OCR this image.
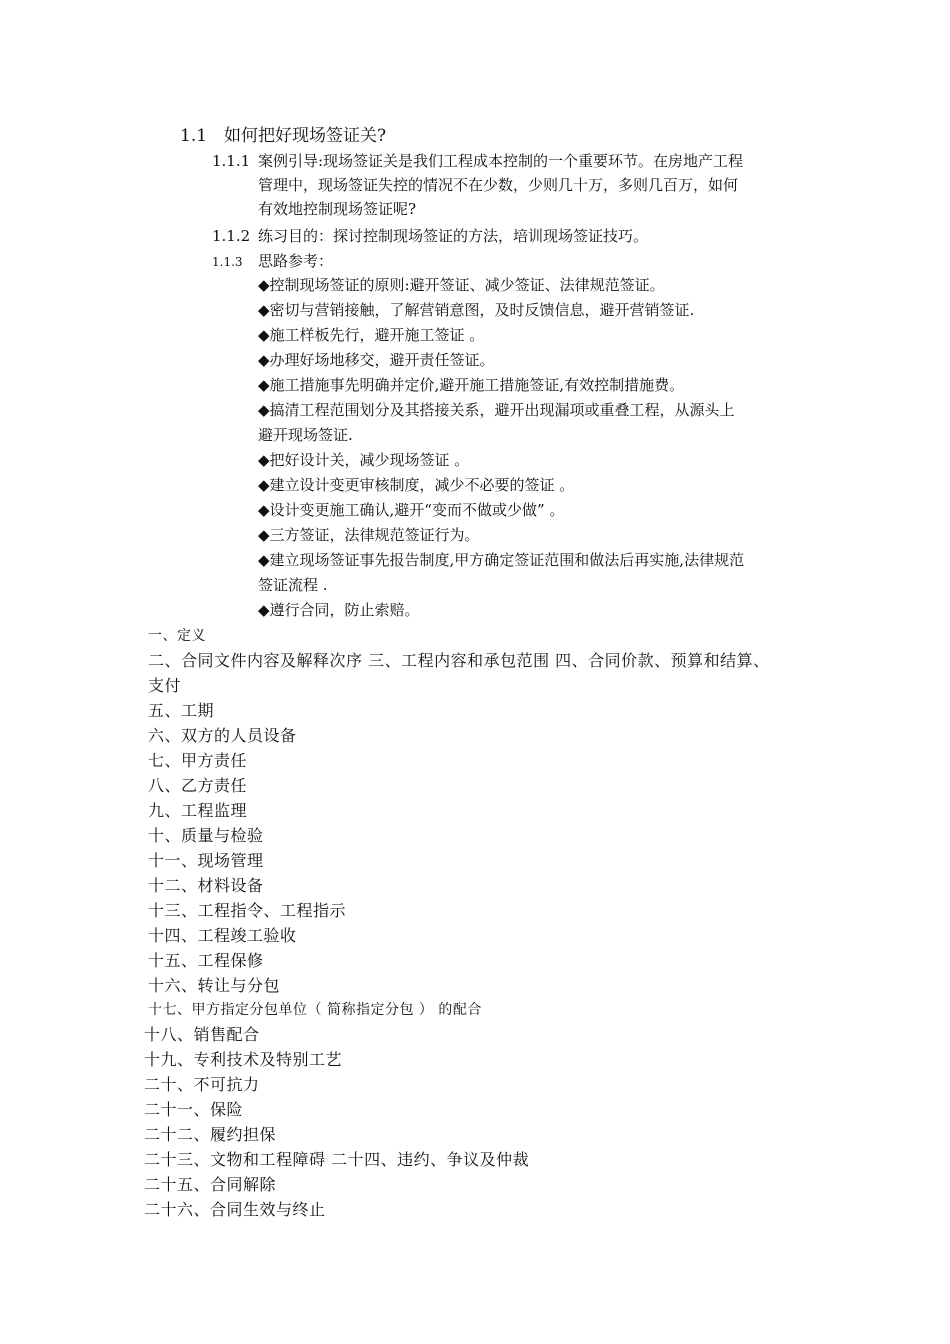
1.1 如何把好现场签证关?
1.1.1 案例引导:现场签证关是我们工程成本控制的一个重要环节。在房地产工程
管理中，现场签证失控的情况不在少数，少则几十万，多则几百万，如何
有效地控制现场签证呢?
1.1.2 练习目的：探讨控制现场签证的方法，培训现场签证技巧。
1.1.3 思路参考：
◆控制现场签证的原则:避开签证、减少签证、法律规范签证。
◆密切与营销接触，了解营销意图，及时反馈信息，避开营销签证.
◆施工样板先行，避开施工签证 。
◆办理好场地移交，避开责任签证。
◆施工措施事先明确并定价,避开施工措施签证,有效控制措施费。
◆搞清工程范围划分及其搭接关系，避开出现漏项或重叠工程，从源头上
避开现场签证.
◆把好设计关，减少现场签证 。
◆建立设计变更审核制度，减少不必要的签证 。
◆设计变更施工确认,避开“变而不做或少做” 。
◆三方签证，法律规范签证行为。
◆建立现场签证事先报告制度,甲方确定签证范围和做法后再实施,法律规范
签证流程 .
◆遵行合同，防止索赔。
一、定义
二、合同文件内容及解释次序 三、工程内容和承包范围 四、合同价款、预算和结算、
支付
五、工期
六、双方的人员设备
七、甲方责任
八、乙方责任
九、工程监理
十、质量与检验
十一、现场管理
十二、材料设备
十三、工程指令、工程指示
十四、工程竣工验收
十五、工程保修
十六、转让与分包
十七、甲方指定分包单位（ 简称指定分包 ） 的配合
十八、销售配合
十九、专利技术及特别工艺
二十、不可抗力
二十一、保险
二十二、履约担保
二十三、文物和工程障碍 二十四、违约、争议及仲裁
二十五、合同解除
二十六、合同生效与终止
